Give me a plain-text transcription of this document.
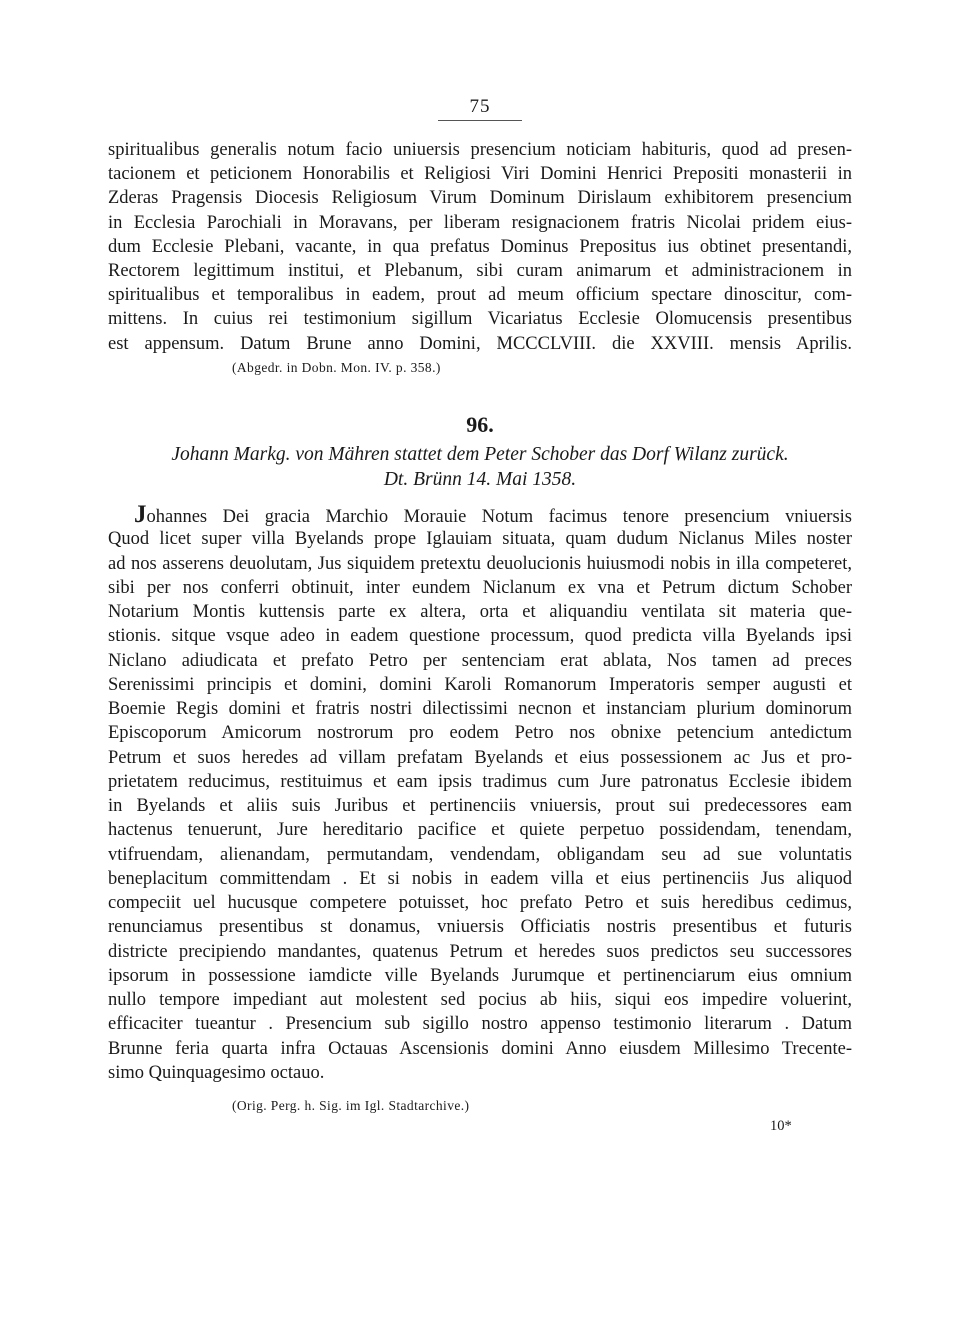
75

spiritualibus generalis notum facio uniuersis presencium noticiam habituris, quod ad presen-
tacionem et peticionem Honorabilis et Religiosi Viri Domini Henrici Prepositi monasterii in
Zderas Pragensis Diocesis Religiosum Virum Dominum Dirislaum exhibitorem presencium
in Ecclesia Parochiali in Moravans, per liberam resignacionem fratris Nicolai pridem eius-
dum Ecclesie Plebani, vacante, in qua prefatus Dominus Prepositus ius obtinet presentandi,
Rectorem legittimum institui, et Plebanum, sibi curam animarum et administracionem in
spiritualibus et temporalibus in eadem, prout ad meum officium spectare dinoscitur, com-
mittens. In cuius rei testimonium sigillum Vicariatus Ecclesie Olomucensis presentibus
est appensum. Datum Brune anno Domini, MCCCLVIII. die XXVIII. mensis Aprilis.

(Abgedr. in Dobn. Mon. IV. p. 358.)
96.
Johann Markg. von Mähren stattet dem Peter Schober das Dorf Wilanz zurück.
Dt. Brünn 14. Mai 1358.

Johannes Dei gracia Marchio Morauie Notum facimus tenore presencium vniuersis
Quod licet super villa Byelands prope Iglauiam situata, quam dudum Niclanus Miles noster
ad nos asserens deuolutam, Jus siquidem pretextu deuolucionis huiusmodi nobis in illa competeret,
sibi per nos conferri obtinuit, inter eundem Niclanum ex vna et Petrum dictum Schober
Notarium Montis kuttensis parte ex altera, orta et aliquandiu ventilata sit materia que-
stionis. sitque vsque adeo in eadem questione processum, quod predicta villa Byelands ipsi
Niclano adiudicata et prefato Petro per sentenciam erat ablata, Nos tamen ad preces
Serenissimi principis et domini, domini Karoli Romanorum Imperatoris semper augusti et
Boemie Regis domini et fratris nostri dilectissimi necnon et instanciam plurium dominorum
Episcoporum Amicorum nostrorum pro eodem Petro nos obnixe petencium antedictum
Petrum et suos heredes ad villam prefatam Byelands et eius possessionem ac Jus et pro-
prietatem reducimus, restituimus et eam ipsis tradimus cum Jure patronatus Ecclesie ibidem
in Byelands et aliis suis Juribus et pertinenciis vniuersis, prout sui predecessores eam
hactenus tenuerunt, Jure hereditario pacifice et quiete perpetuo possidendam, tenendam,
vtifruendam, alienandam, permutandam, vendendam, obligandam seu ad sue voluntatis
beneplacitum committendam . Et si nobis in eadem villa et eius pertinenciis Jus aliquod
compeciit uel hucusque competere potuisset, hoc prefato Petro et suis heredibus cedimus,
renunciamus presentibus st donamus, vniuersis Officiatis nostris presentibus et futuris
districte precipiendo mandantes, quatenus Petrum et heredes suos predictos seu successores
ipsorum in possessione iamdicte ville Byelands Jurumque et pertinenciarum eius omnium
nullo tempore impediant aut molestent sed pocius ab hiis, siqui eos impedire voluerint,
efficaciter tueantur . Presencium sub sigillo nostro appenso testimonio literarum . Datum
Brunne feria quarta infra Octauas Ascensionis domini Anno eiusdem Millesimo Trecente-
simo Quinquagesimo octauo.

(Orig. Perg. h. Sig. im Igl. Stadtarchive.)
10*
